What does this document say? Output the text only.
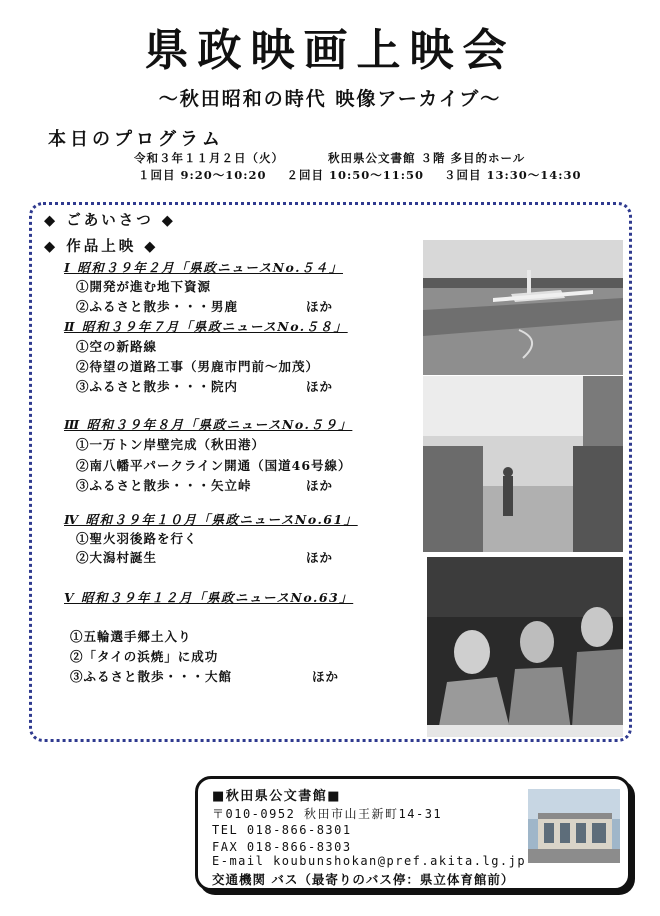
県政映画上映会
～秋田昭和の時代 映像アーカイブ～
本日のプログラム
令和３年１１月２日（火）	秋田県公文書館 ３階 多目的ホール
１回目 9:20～10:20 ２回目 10:50～11:50 ３回目 13:30～14:30
◆ ごあいさつ ◆
◆ 作品上映 ◆
Ⅰ 昭和３９年２月「県政ニュースNo.５４」
①開発が進む地下資源
②ふるさと散歩・・・男鹿	ほか
Ⅱ 昭和３９年７月「県政ニュースNo.５８」
①空の新路線
②待望の道路工事（男鹿市門前～加茂）
③ふるさと散歩・・・院内	ほか
Ⅲ 昭和３９年８月「県政ニュースNo.５９」
①一万トン岸壁完成（秋田港）
②南八幡平パークライン開通（国道46号線）
③ふるさと散歩・・・矢立峠	ほか
Ⅳ 昭和３９年１０月「県政ニュースNo.61」
①聖火羽後路を行く
②大潟村誕生	ほか
Ⅴ 昭和３９年１２月「県政ニュースNo.63」
①五輪選手郷土入り
②「タイの浜焼」に成功
③ふるさと散歩・・・大館	ほか
■秋田県公文書館■
〒010-0952 秋田市山王新町14-31
TEL 018-866-8301
FAX 018-866-8303
E-mail koubunshokan@pref.akita.lg.jp
交通機関 バス（最寄りのバス停：県立体育館前）
